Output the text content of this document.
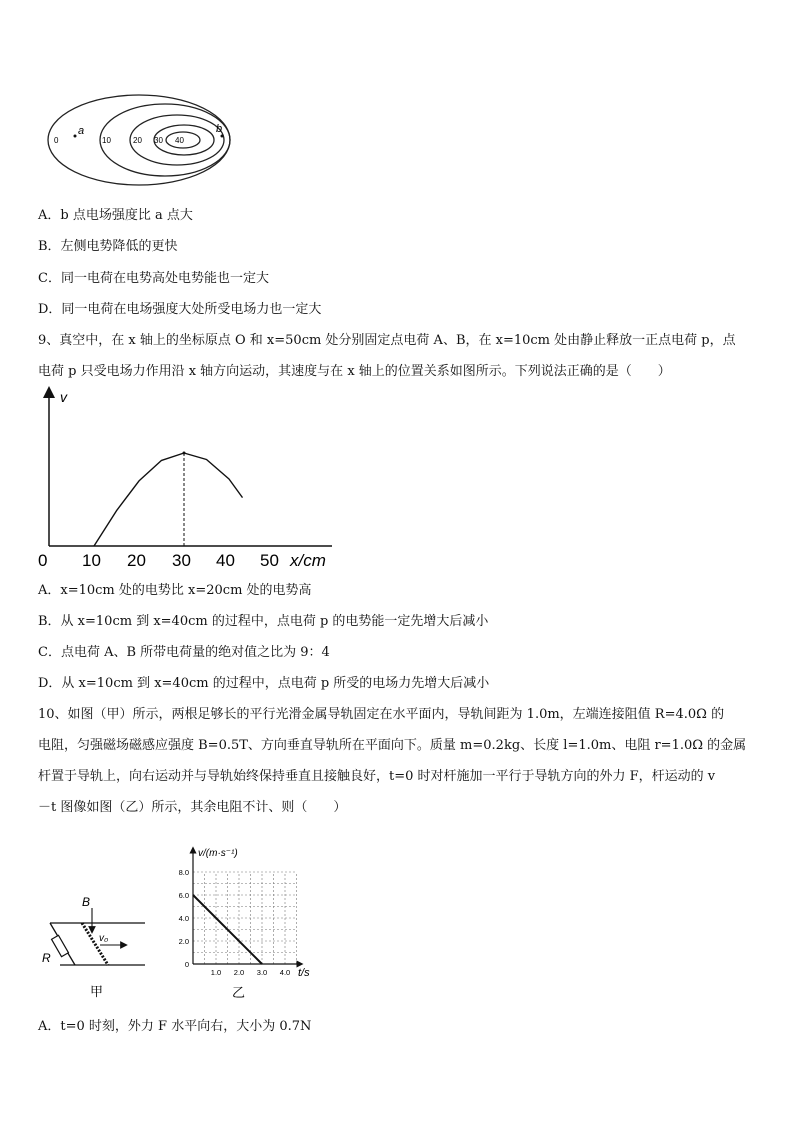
0	10	20 30 40
a	b
A．b 点电场强度比 a 点大
B．左侧电势降低的更快
C．同一电荷在电势高处电势能也一定大
D．同一电荷在电场强度大处所受电场力也一定大
9、真空中，在 x 轴上的坐标原点 O 和 x=50cm 处分别固定点电荷 A、B，在 x=10cm 处由静止释放一正点电荷 p，点
电荷 p 只受电场力作用沿 x 轴方向运动，其速度与在 x 轴上的位置关系如图所示。下列说法正确的是（　　）
v
0 10 20 30 40 50 x/cm
A．x=10cm 处的电势比 x=20cm 处的电势高
B．从 x=10cm 到 x=40cm 的过程中，点电荷 p 的电势能一定先增大后减小
C．点电荷 A、B 所带电荷量的绝对值之比为 9：4
D．从 x=10cm 到 x=40cm 的过程中，点电荷 p 所受的电场力先增大后减小
10、如图（甲）所示，两根足够长的平行光滑金属导轨固定在水平面内，导轨间距为 1.0m，左端连接阻值 R=4.0Ω 的
电阻，匀强磁场磁感应强度 B=0.5T、方向垂直导轨所在平面向下。质量 m=0.2kg、长度 l=1.0m、电阻 r=1.0Ω 的金属
杆置于导轨上，向右运动并与导轨始终保持垂直且接触良好，t=0 时对杆施加一平行于导轨方向的外力 F，杆运动的 v
－t 图像如图（乙）所示，其余电阻不计、则（　　）
B
v₀
R
甲
v/(m·s⁻¹)
t/s
乙
0
2.0
4.0
6.0
8.0
1.0 2.0 3.0 4.0
A．t=0 时刻，外力 F 水平向右，大小为 0.7N
